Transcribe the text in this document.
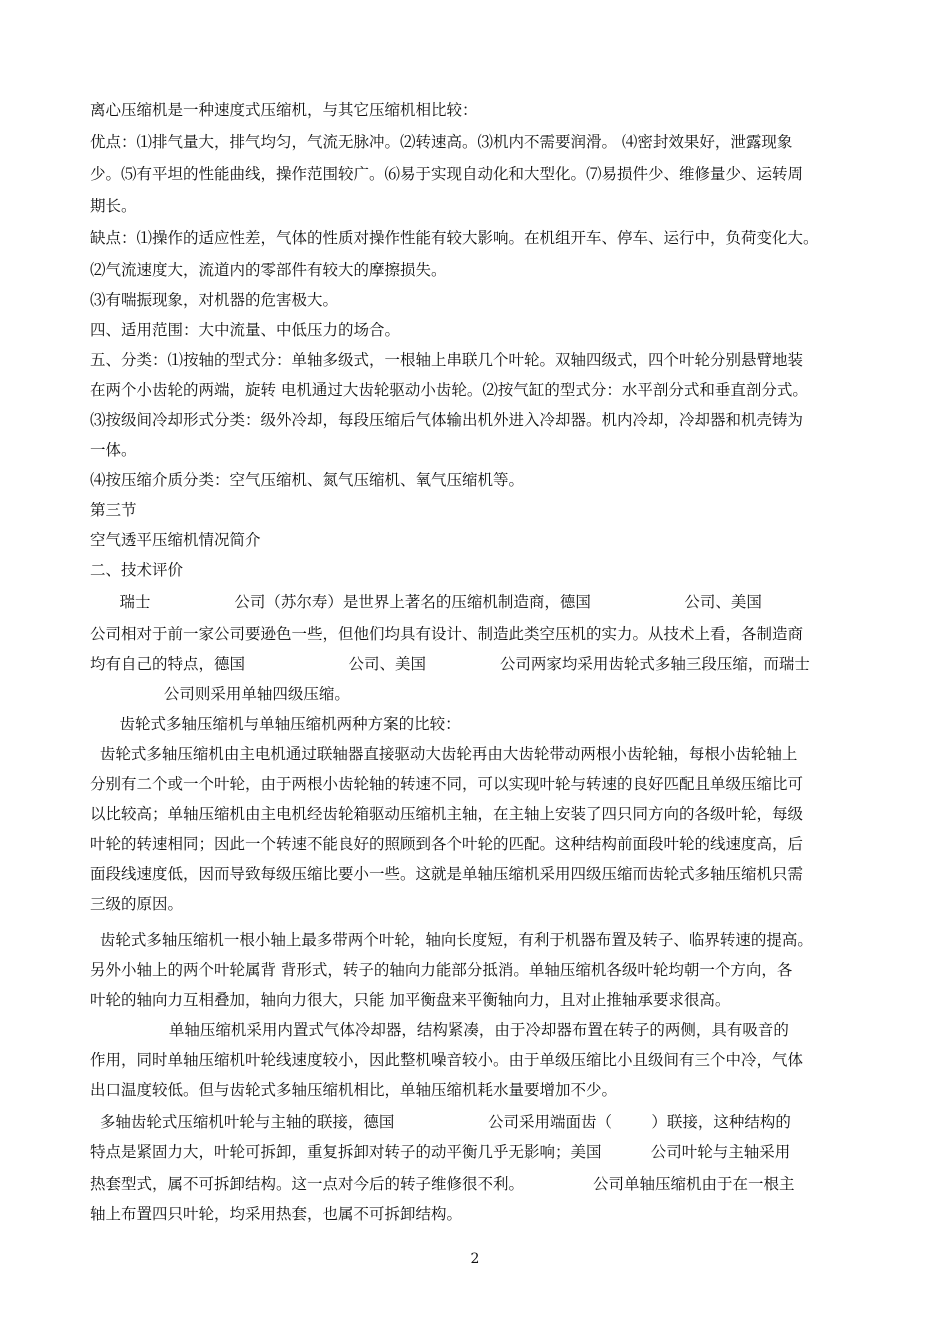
离心压缩机是一种速度式压缩机，与其它压缩机相比较：
优点：⑴排气量大，排气均匀，气流无脉冲。⑵转速高。⑶机内不需要润滑。 ⑷密封效果好，泄露现象
少。⑸有平坦的性能曲线，操作范围较广。⑹易于实现自动化和大型化。⑺易损件少、维修量少、运转周
期长。
缺点：⑴操作的适应性差，气体的性质对操作性能有较大影响。在机组开车、停车、运行中，负荷变化大。
⑵气流速度大，流道内的零部件有较大的摩擦损失。
⑶有喘振现象，对机器的危害极大。
四、适用范围：大中流量、中低压力的场合。
五、分类：⑴按轴的型式分：单轴多级式，一根轴上串联几个叶轮。双轴四级式，四个叶轮分别悬臂地装
在两个小齿轮的两端，旋转 电机通过大齿轮驱动小齿轮。⑵按气缸的型式分：水平剖分式和垂直剖分式。
⑶按级间冷却形式分类：级外冷却，每段压缩后气体输出机外进入冷却器。机内冷却，冷却器和机壳铸为
一体。
⑷按压缩介质分类：空气压缩机、氮气压缩机、氧气压缩机等。
第三节
空气透平压缩机情况简介
二、技术评价
瑞士                 公司（苏尔寿）是世界上著名的压缩机制造商，德国                   公司、美国
公司相对于前一家公司要逊色一些，但他们均具有设计、制造此类空压机的实力。从技术上看，各制造商
均有自己的特点，德国                     公司、美国               公司两家均采用齿轮式多轴三段压缩，而瑞士
公司则采用单轴四级压缩。
齿轮式多轴压缩机与单轴压缩机两种方案的比较：
齿轮式多轴压缩机由主电机通过联轴器直接驱动大齿轮再由大齿轮带动两根小齿轮轴，每根小齿轮轴上
分别有二个或一个叶轮，由于两根小齿轮轴的转速不同，可以实现叶轮与转速的良好匹配且单级压缩比可
以比较高；单轴压缩机由主电机经齿轮箱驱动压缩机主轴，在主轴上安装了四只同方向的各级叶轮，每级
叶轮的转速相同；因此一个转速不能良好的照顾到各个叶轮的匹配。这种结构前面段叶轮的线速度高，后
面段线速度低，因而导致每级压缩比要小一些。这就是单轴压缩机采用四级压缩而齿轮式多轴压缩机只需
三级的原因。
齿轮式多轴压缩机一根小轴上最多带两个叶轮，轴向长度短，有利于机器布置及转子、临界转速的提高。
另外小轴上的两个叶轮属背 背形式，转子的轴向力能部分抵消。单轴压缩机各级叶轮均朝一个方向，各
叶轮的轴向力互相叠加，轴向力很大，只能 加平衡盘来平衡轴向力，且对止推轴承要求很高。
单轴压缩机采用内置式气体冷却器，结构紧凑，由于冷却器布置在转子的两侧，具有吸音的
作用，同时单轴压缩机叶轮线速度较小，因此整机噪音较小。由于单级压缩比小且级间有三个中冷，气体
出口温度较低。但与齿轮式多轴压缩机相比，单轴压缩机耗水量要增加不少。
多轴齿轮式压缩机叶轮与主轴的联接，德国                   公司采用端面齿（        ）联接，这种结构的
特点是紧固力大，叶轮可拆卸，重复拆卸对转子的动平衡几乎无影响；美国          公司叶轮与主轴采用
热套型式，属不可拆卸结构。这一点对今后的转子维修很不利。              公司单轴压缩机由于在一根主
轴上布置四只叶轮，均采用热套，也属不可拆卸结构。
2
